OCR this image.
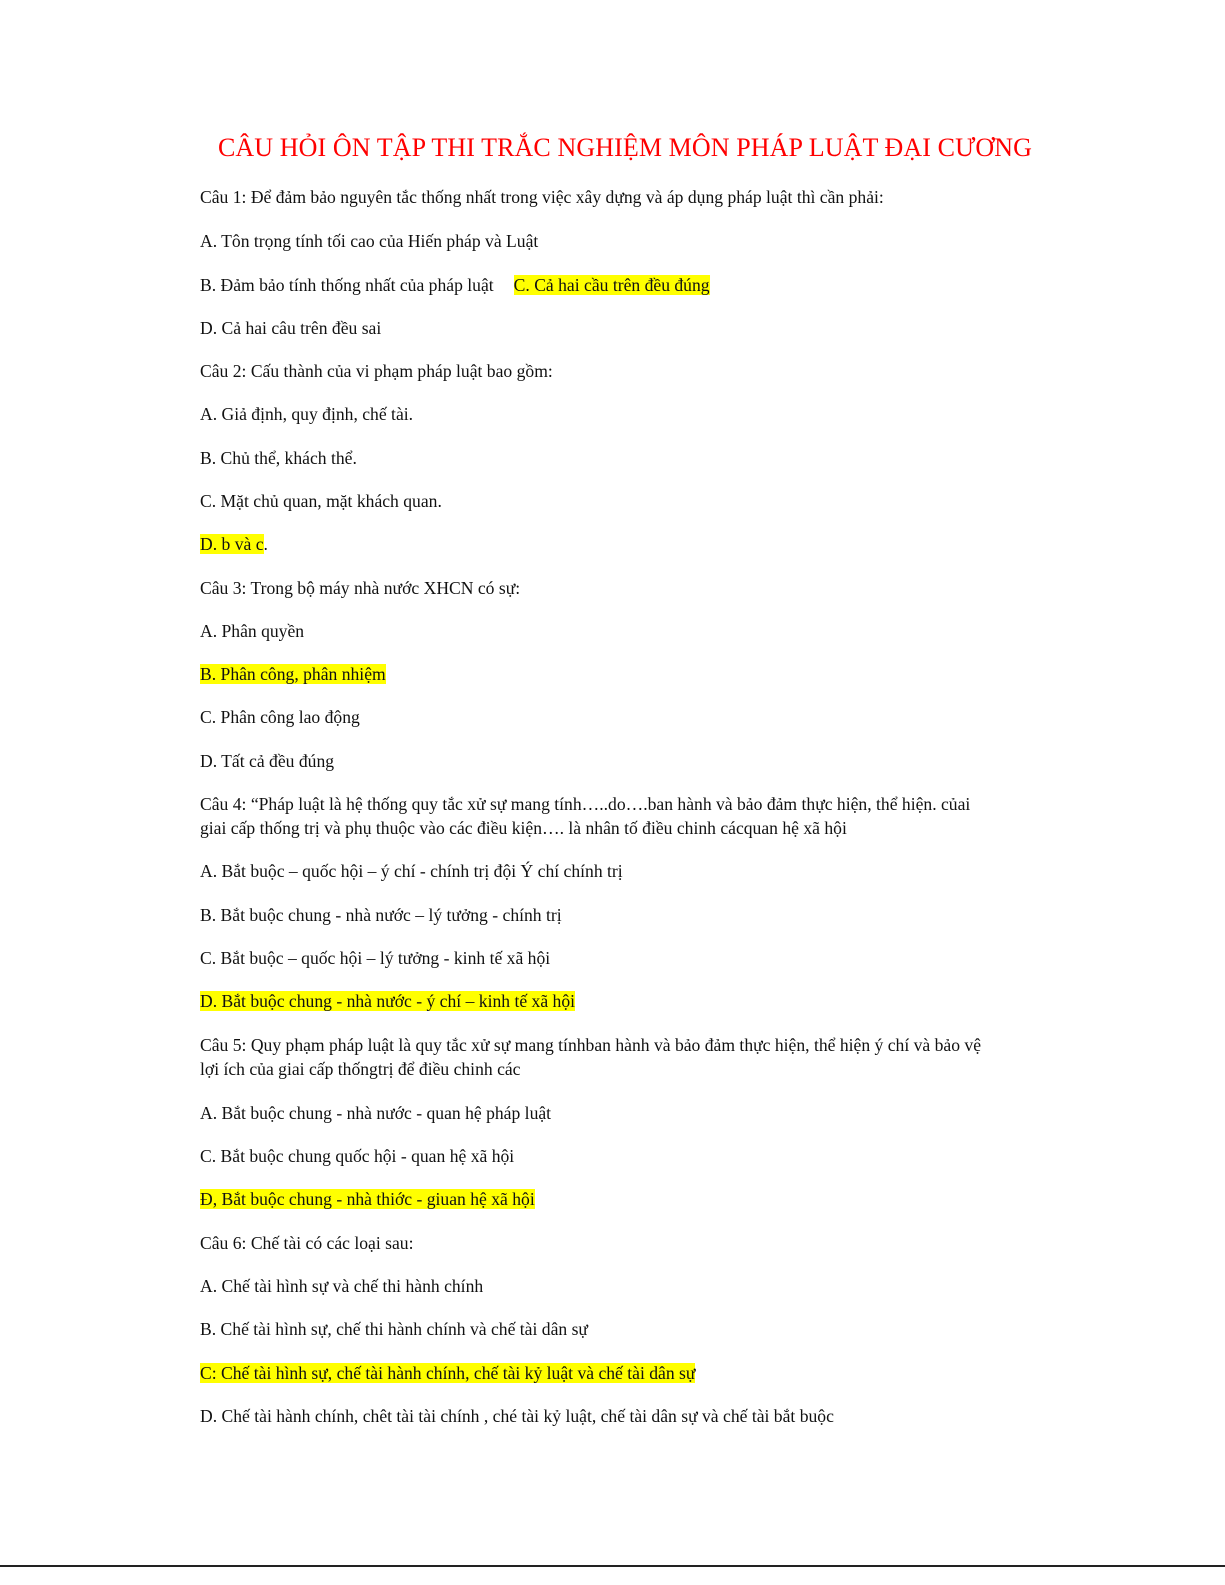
CÂU HỎI ÔN TẬP THI TRẮC NGHIỆM MÔN PHÁP LUẬT ĐẠI CƯƠNG
Câu 1: Để đảm bảo nguyên tắc thống nhất trong việc xây dựng và áp dụng pháp luật thì cần phải:
A. Tôn trọng tính tối cao của Hiến pháp và Luật
B. Đảm bảo tính thống nhất của pháp luật C. Cả hai cầu trên đều đúng
D. Cả hai câu trên đều sai
Câu 2: Cấu thành của vi phạm pháp luật bao gồm:
A. Giả định, quy định, chế tài.
B. Chủ thể, khách thể.
C. Mặt chủ quan, mặt khách quan.
D. b và c.
Câu 3: Trong bộ máy nhà nước XHCN có sự:
A. Phân quyền
B. Phân công, phân nhiệm
C. Phân công lao động
D. Tất cả đều đúng
Câu 4: “Pháp luật là hệ thống quy tắc xử sự mang tính…..do….ban hành và bảo đảm thực hiện, thể hiện. củai
giai cấp thống trị và phụ thuộc vào các điều kiện…. là nhân tố điều chinh cácquan hệ xã hội
A. Bắt buộc – quốc hội – ý chí - chính trị đội Ý chí chính trị
B. Bắt buộc chung - nhà nước – lý tưởng - chính trị
C. Bắt buộc – quốc hội – lý tưởng - kinh tế xã hội
D. Bắt buộc chung - nhà nước - ý chí – kinh tế xã hội
Câu 5: Quy phạm pháp luật là quy tắc xử sự mang tínhban hành và bảo đảm thực hiện, thể hiện ý chí và bảo vệ
lợi ích của giai cấp thốngtrị để điều chinh các
A. Bắt buộc chung - nhà nước - quan hệ pháp luật
C. Bắt buộc chung quốc hội - quan hệ xã hội
Đ, Bắt buộc chung - nhà thiớc - giuan hệ xã hội
Câu 6: Chế tài có các loại sau:
A. Chế tài hình sự và chế thi hành chính
B. Chế tài hình sự, chế thi hành chính và chế tài dân sự
C: Chế tài hình sự, chế tài hành chính, chế tài kỷ luật và chế tài dân sự
D. Chế tài hành chính, chêt tài tài chính , ché tài kỷ luật, chế tài dân sự và chế tài bắt buộc
